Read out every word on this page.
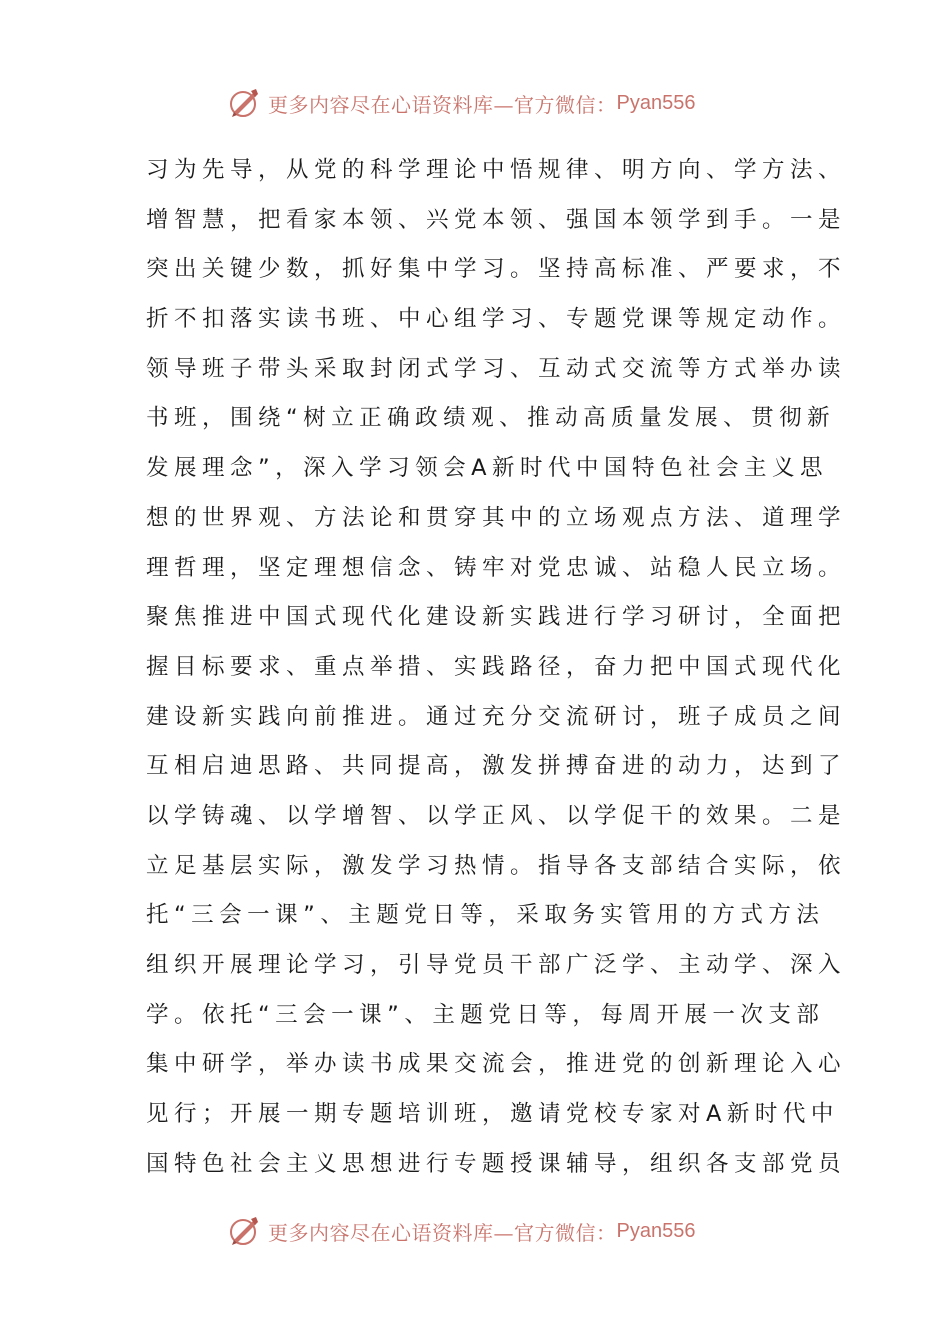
更多内容尽在心语资料库—官方微信： Pyan556
习为先导，从党的科学理论中悟规律、明方向、学方法、
增智慧，把看家本领、兴党本领、强国本领学到手。一是
突出关键少数，抓好集中学习。坚持高标准、严要求，不
折不扣落实读书班、中心组学习、专题党课等规定动作。
领导班子带头采取封闭式学习、互动式交流等方式举办读
书班，围绕“树立正确政绩观、推动高质量发展、贯彻新
发展理念”，深入学习领会A新时代中国特色社会主义思
想的世界观、方法论和贯穿其中的立场观点方法、道理学
理哲理，坚定理想信念、铸牢对党忠诚、站稳人民立场。
聚焦推进中国式现代化建设新实践进行学习研讨，全面把
握目标要求、重点举措、实践路径，奋力把中国式现代化
建设新实践向前推进。通过充分交流研讨，班子成员之间
互相启迪思路、共同提高，激发拼搏奋进的动力，达到了
以学铸魂、以学增智、以学正风、以学促干的效果。二是
立足基层实际，激发学习热情。指导各支部结合实际，依
托“三会一课”、主题党日等，采取务实管用的方式方法
组织开展理论学习，引导党员干部广泛学、主动学、深入
学。依托“三会一课”、主题党日等，每周开展一次支部
集中研学，举办读书成果交流会，推进党的创新理论入心
见行；开展一期专题培训班，邀请党校专家对A新时代中
国特色社会主义思想进行专题授课辅导，组织各支部党员
更多内容尽在心语资料库—官方微信： Pyan556
